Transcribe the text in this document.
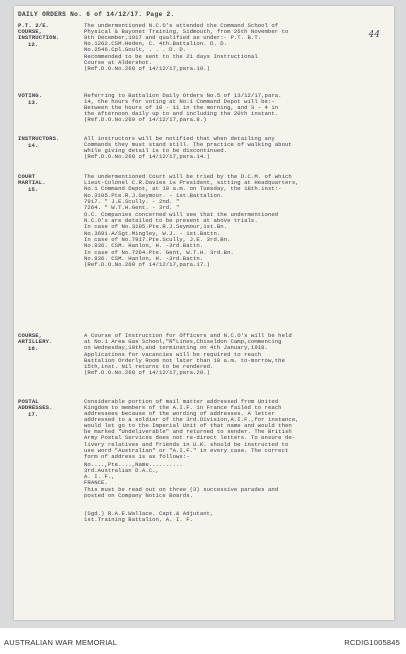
DAILY ORDERS No. 6 of 14/12/17. Page 2.
44
P.T. 2/E.
COURSE,
INSTRUCTION.
12.
VOTING.
13.
INSTRUCTORS.
14.
COURT
MARTIAL.
15.
COURSE,
ARTILLERY.
16.
POSTAL
ADDRESSES.
17.
The undermentioned N.C.O's attended the Command School of
Physical & Bayonet Training, Sidmouth, from 26th November to
8th December,1917 and qualified as under:- P.T. B.T.
No.1262.CSM.Heden, C. 4th.Battalion. D. D.
No.2546.Cpl.Goult, . . . D. D.
Recommended to be sent to the 21 days Instructional
Course at Aldershot.
(Ref.D.O.No.260 of 14/12/17,para.10.)
Referring to Battalion Daily Orders No.5 of 13/12/17,para.
14, the hours for voting at No.1 Command Depot will be:-
Between the hours of 10 - 11 in the morning, and 3 - 4 in
the afternoon daily up to and including the 20th instant.
(Ref.D.O.No.260 of 14/12/17,para.8.)
All instructors will be notified that when detailing any
Commands they must stand still. The practice of walking about
while giving detail is to be discontinued.
(Ref.D.O.No.260 of 14/12/17,para.14.)
The undermentioned Court will be tried by the D.C.M. of which
Lieut-Colonel C.R.Davies is President, sitting at Headquarters,
No.1 Command Depot, at 10 a.m. on Tuesday, the 18th.inst:-
No.3105.Pte.R.J.Seymour. - 1st.Battalion.
7917. " J.E.Scully. - 2nd. "
7264. " W.T.H.Gent. - 3rd. "
O.C. Companies concerned will see that the undermentioned
N.C.O's are detailed to be present at above trials.
In case of No.3105.Pte.R.J.Seymour,1st.Bn.
No.3691.A/Sgt.Mingley, W.J. - 1st.Battn.
In case of No.7917.Pte.Scully, J.E. 3rd.Bn.
No.936. CSM. Hanlon, H. -3rd.Battn.
In case of No.7264.Pte. Gent, W.T.H. 3rd.Bn.
No.936. CSM. Hanlon, H. -3rd.Battn.
(Ref.D.O.No.260 of 14/12/17,para.17.)
A Course of Instruction for Officers and N.C.O's will be held
at No.1 Area Gas School,"R"Lines,Chiseldon Camp,commencing
on Wednesday,19th,and terminating on 4th January,1918.
Applications for vacancies will be required to reach
Battalion Orderly Room not later than 10 a.m. to-morrow,the
15th,inst. Nil returns to be rendered.
(Ref.D.O.No.260 of 14/12/17,para.20.)
Considerable portion of mail matter addressed from United
Kingdom to members of the A.I.F. in France failed to reach
addressees because of the wording of addresses. A letter
addressed to a soldier of the 3rd.Division,A.I.F.,for instance,
would let go to the Imperial Unit of that name and would then
be marked "Undeliverable" and returned to sender. The British
Army Postal Services does not re-direct letters. To ensure de-
livery relatives and friends in U.K. should be instructed to
use word "Australian" or "A.I.F." in every case. The correct
form of address is as follows:-
No....,Pte....,Name..........
3rd.Australian D.A.C.,
A. I. F.,
FRANCE.
This must be read out on three (3) successive parades and
posted on Company Notice Boards.
(Sgd.) R.A.E.Wallace. Capt.& Adjutant,
1st.Training Battalion, A. I. F.
AUSTRALIAN WAR MEMORIAL	RCDIG1005845
